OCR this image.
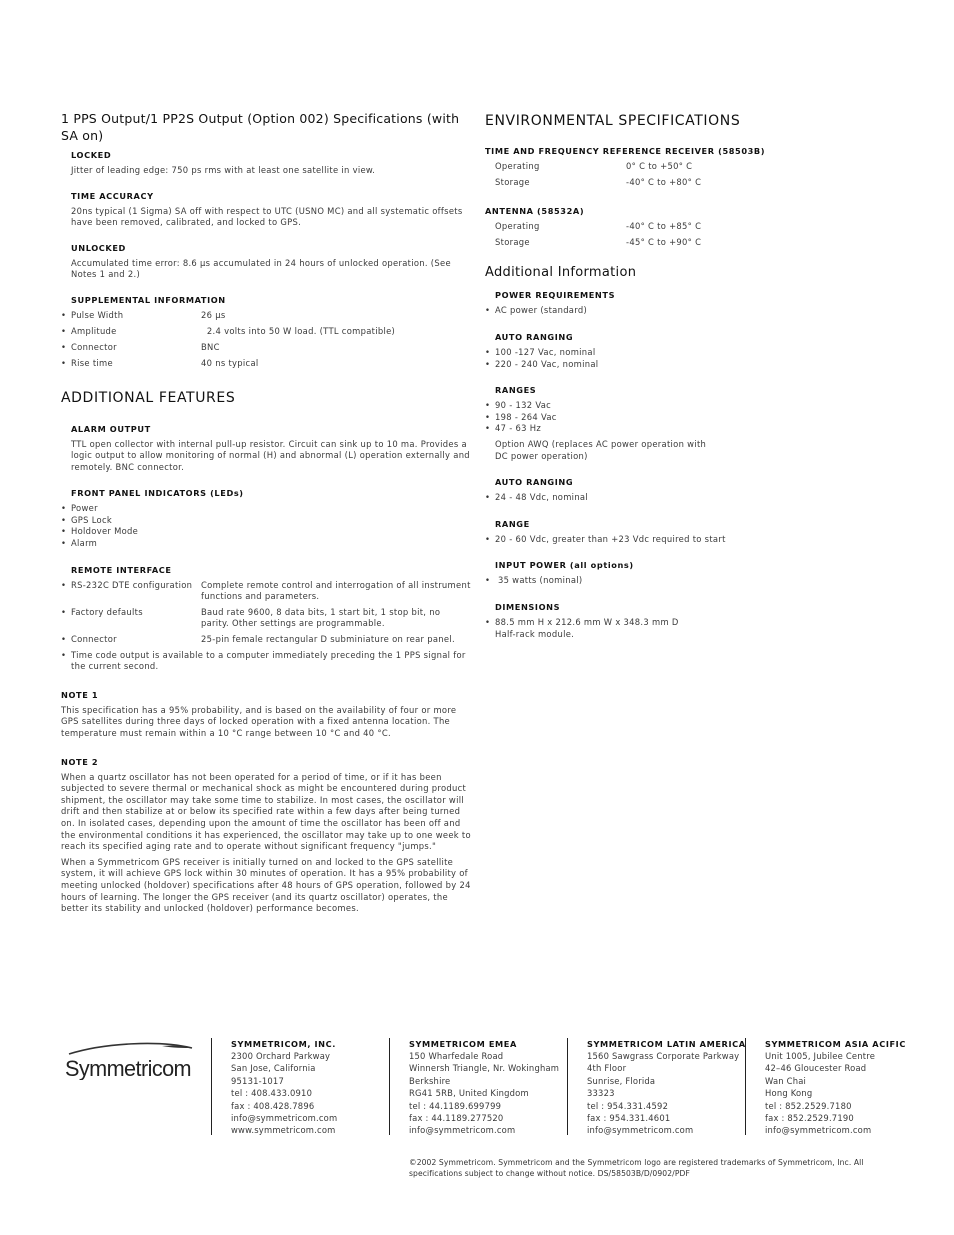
1 PPS Output/1 PP2S Output (Option 002) Specifications (with SA on)
LOCKED
Jitter of leading edge: 750 ps rms with at least one satellite in view.
TIME ACCURACY
20ns typical (1 Sigma) SA off with respect to UTC (USNO MC) and all systematic offsets have been removed, calibrated, and locked to GPS.
UNLOCKED
Accumulated time error: 8.6 µs accumulated in 24 hours of unlocked operation. (See Notes 1 and 2.)
SUPPLEMENTAL INFORMATION
• Pulse Width	26 µs
• Amplitude	2.4 volts into 50 W load. (TTL compatible)
• Connector	BNC
• Rise time	40 ns typical
ADDITIONAL FEATURES
ALARM OUTPUT
TTL open collector with internal pull-up resistor. Circuit can sink up to 10 ma. Provides a logic output to allow monitoring of normal (H) and abnormal (L) operation externally and remotely. BNC connector.
FRONT PANEL INDICATORS (LEDs)
• Power
• GPS Lock
• Holdover Mode
• Alarm
REMOTE INTERFACE
• RS-232C DTE configuration	Complete remote control and interrogation of all instrument functions and parameters.
• Factory defaults	Baud rate 9600, 8 data bits, 1 start bit, 1 stop bit, no parity. Other settings are programmable.
• Connector	25-pin female rectangular D subminiature on rear panel.
• Time code output is available to a computer immediately preceding the 1 PPS signal for the current second.
NOTE 1
This specification has a 95% probability, and is based on the availability of four or more GPS satellites during three days of locked operation with a fixed antenna location. The temperature must remain within a 10 °C range between 10 °C and 40 °C.
NOTE 2
When a quartz oscillator has not been operated for a period of time, or if it has been subjected to severe thermal or mechanical shock as might be encountered during product shipment, the oscillator may take some time to stabilize. In most cases, the oscillator will drift and then stabilize at or below its specified rate within a few days after being turned on. In isolated cases, depending upon the amount of time the oscillator has been off and the environmental conditions it has experienced, the oscillator may take up to one week to reach its specified aging rate and to operate without significant frequency "jumps."
When a Symmetricom GPS receiver is initially turned on and locked to the GPS satellite system, it will achieve GPS lock within 30 minutes of operation. It has a 95% probability of meeting unlocked (holdover) specifications after 48 hours of GPS operation, followed by 24 hours of learning. The longer the GPS receiver (and its quartz oscillator) operates, the better its stability and unlocked (holdover) performance becomes.
ENVIRONMENTAL SPECIFICATIONS
TIME AND FREQUENCY REFERENCE RECEIVER (58503B)
Operating	0° C to +50° C
Storage	-40° C to +80° C
ANTENNA (58532A)
Operating	-40° C to +85° C
Storage	-45° C to +90° C
Additional Information
POWER REQUIREMENTS
• AC power (standard)
AUTO RANGING
• 100 -127 Vac, nominal
• 220 - 240 Vac, nominal
RANGES
• 90 - 132 Vac
• 198 - 264 Vac
• 47 - 63 Hz
Option AWQ (replaces AC power operation with DC power operation)
AUTO RANGING
• 24 - 48 Vdc, nominal
RANGE
• 20 - 60 Vdc, greater than +23 Vdc required to start
INPUT POWER (all options)
•  35 watts (nominal)
DIMENSIONS
• 88.5 mm H x 212.6 mm W x 348.3 mm D
Half-rack module.
Symmetricom
SYMMETRICOM, INC.
2300 Orchard Parkway
San Jose, California
95131-1017
tel : 408.433.0910
fax : 408.428.7896
info@symmetricom.com
www.symmetricom.com
SYMMETRICOM EMEA
150 Wharfedale Road
Winnersh Triangle, Nr. Wokingham
Berkshire
RG41 5RB, United Kingdom
tel : 44.1189.699799
fax : 44.1189.277520
info@symmetricom.com
SYMMETRICOM LATIN AMERICA
1560 Sawgrass Corporate Parkway
4th Floor
Sunrise, Florida
33323
tel : 954.331.4592
fax : 954.331.4601
info@symmetricom.com
SYMMETRICOM ASIA ACIFIC
Unit 1005, Jubilee Centre
42–46 Gloucester Road
Wan Chai
Hong Kong
tel : 852.2529.7180
fax : 852.2529.7190
info@symmetricom.com
©2002 Symmetricom. Symmetricom and the Symmetricom logo are registered trademarks of Symmetricom, Inc. All specifications subject to change without notice. DS/58503B/D/0902/PDF
